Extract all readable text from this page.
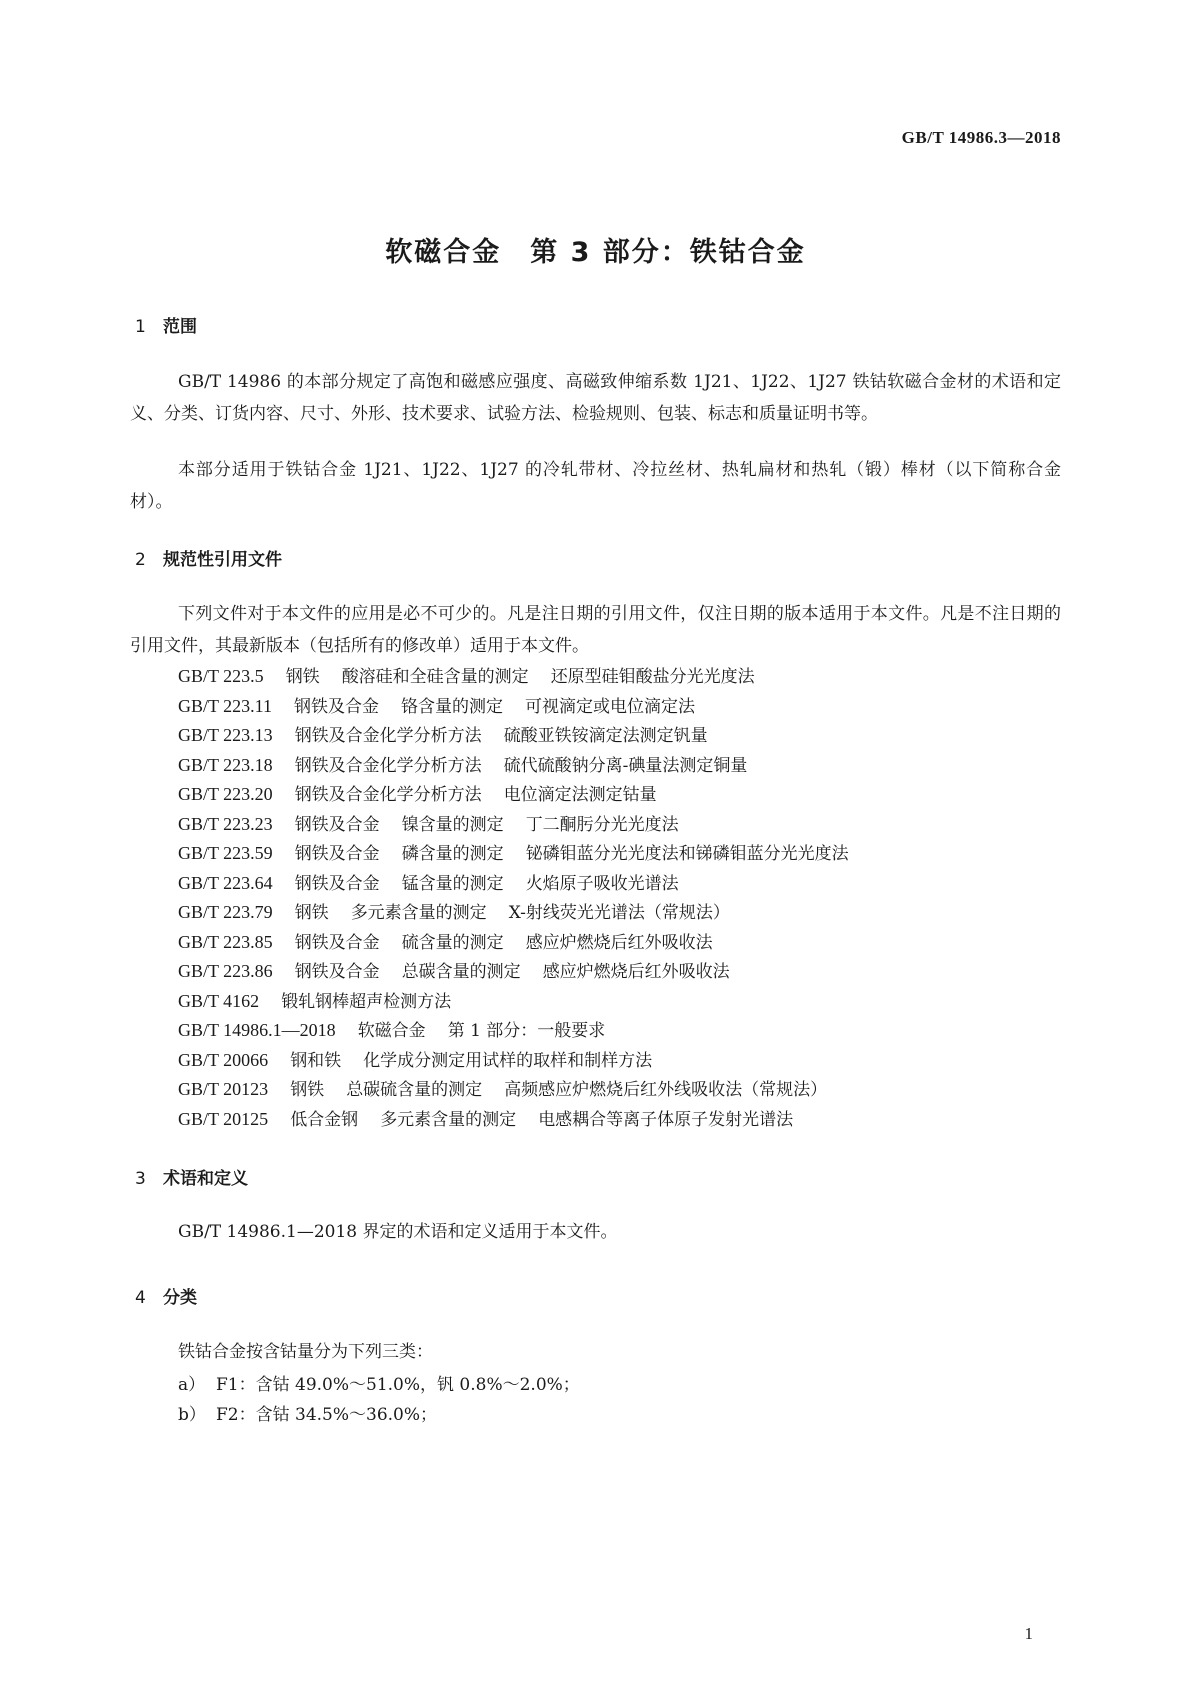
GB/T 14986.3—2018
软磁合金　第 3 部分：铁钴合金
1 范围

GB/T 14986 的本部分规定了高饱和磁感应强度、高磁致伸缩系数 1J21、1J22、1J27 铁钴软磁合金材的术语和定义、分类、订货内容、尺寸、外形、技术要求、试验方法、检验规则、包装、标志和质量证明书等。

本部分适用于铁钴合金 1J21、1J22、1J27 的冷轧带材、冷拉丝材、热轧扁材和热轧（锻）棒材（以下简称合金材）。

2 规范性引用文件

下列文件对于本文件的应用是必不可少的。凡是注日期的引用文件，仅注日期的版本适用于本文件。凡是不注日期的引用文件，其最新版本（包括所有的修改单）适用于本文件。

GB/T 223.5 钢铁 酸溶硅和全硅含量的测定 还原型硅钼酸盐分光光度法
GB/T 223.11 钢铁及合金 铬含量的测定 可视滴定或电位滴定法
GB/T 223.13 钢铁及合金化学分析方法 硫酸亚铁铵滴定法测定钒量
GB/T 223.18 钢铁及合金化学分析方法 硫代硫酸钠分离-碘量法测定铜量
GB/T 223.20 钢铁及合金化学分析方法 电位滴定法测定钴量
GB/T 223.23 钢铁及合金 镍含量的测定 丁二酮肟分光光度法
GB/T 223.59 钢铁及合金 磷含量的测定 铋磷钼蓝分光光度法和锑磷钼蓝分光光度法
GB/T 223.64 钢铁及合金 锰含量的测定 火焰原子吸收光谱法
GB/T 223.79 钢铁 多元素含量的测定 X-射线荧光光谱法（常规法）
GB/T 223.85 钢铁及合金 硫含量的测定 感应炉燃烧后红外吸收法
GB/T 223.86 钢铁及合金 总碳含量的测定 感应炉燃烧后红外吸收法
GB/T 4162 锻轧钢棒超声检测方法
GB/T 14986.1—2018 软磁合金 第 1 部分：一般要求
GB/T 20066 钢和铁 化学成分测定用试样的取样和制样方法
GB/T 20123 钢铁 总碳硫含量的测定 高频感应炉燃烧后红外线吸收法（常规法）
GB/T 20125 低合金钢 多元素含量的测定 电感耦合等离子体原子发射光谱法
3 术语和定义

GB/T 14986.1—2018 界定的术语和定义适用于本文件。

4 分类

铁钴合金按含钴量分为下列三类：

a） F1：含钴 49.0%～51.0%，钒 0.8%～2.0%；
b） F2：含钴 34.5%～36.0%；
1
